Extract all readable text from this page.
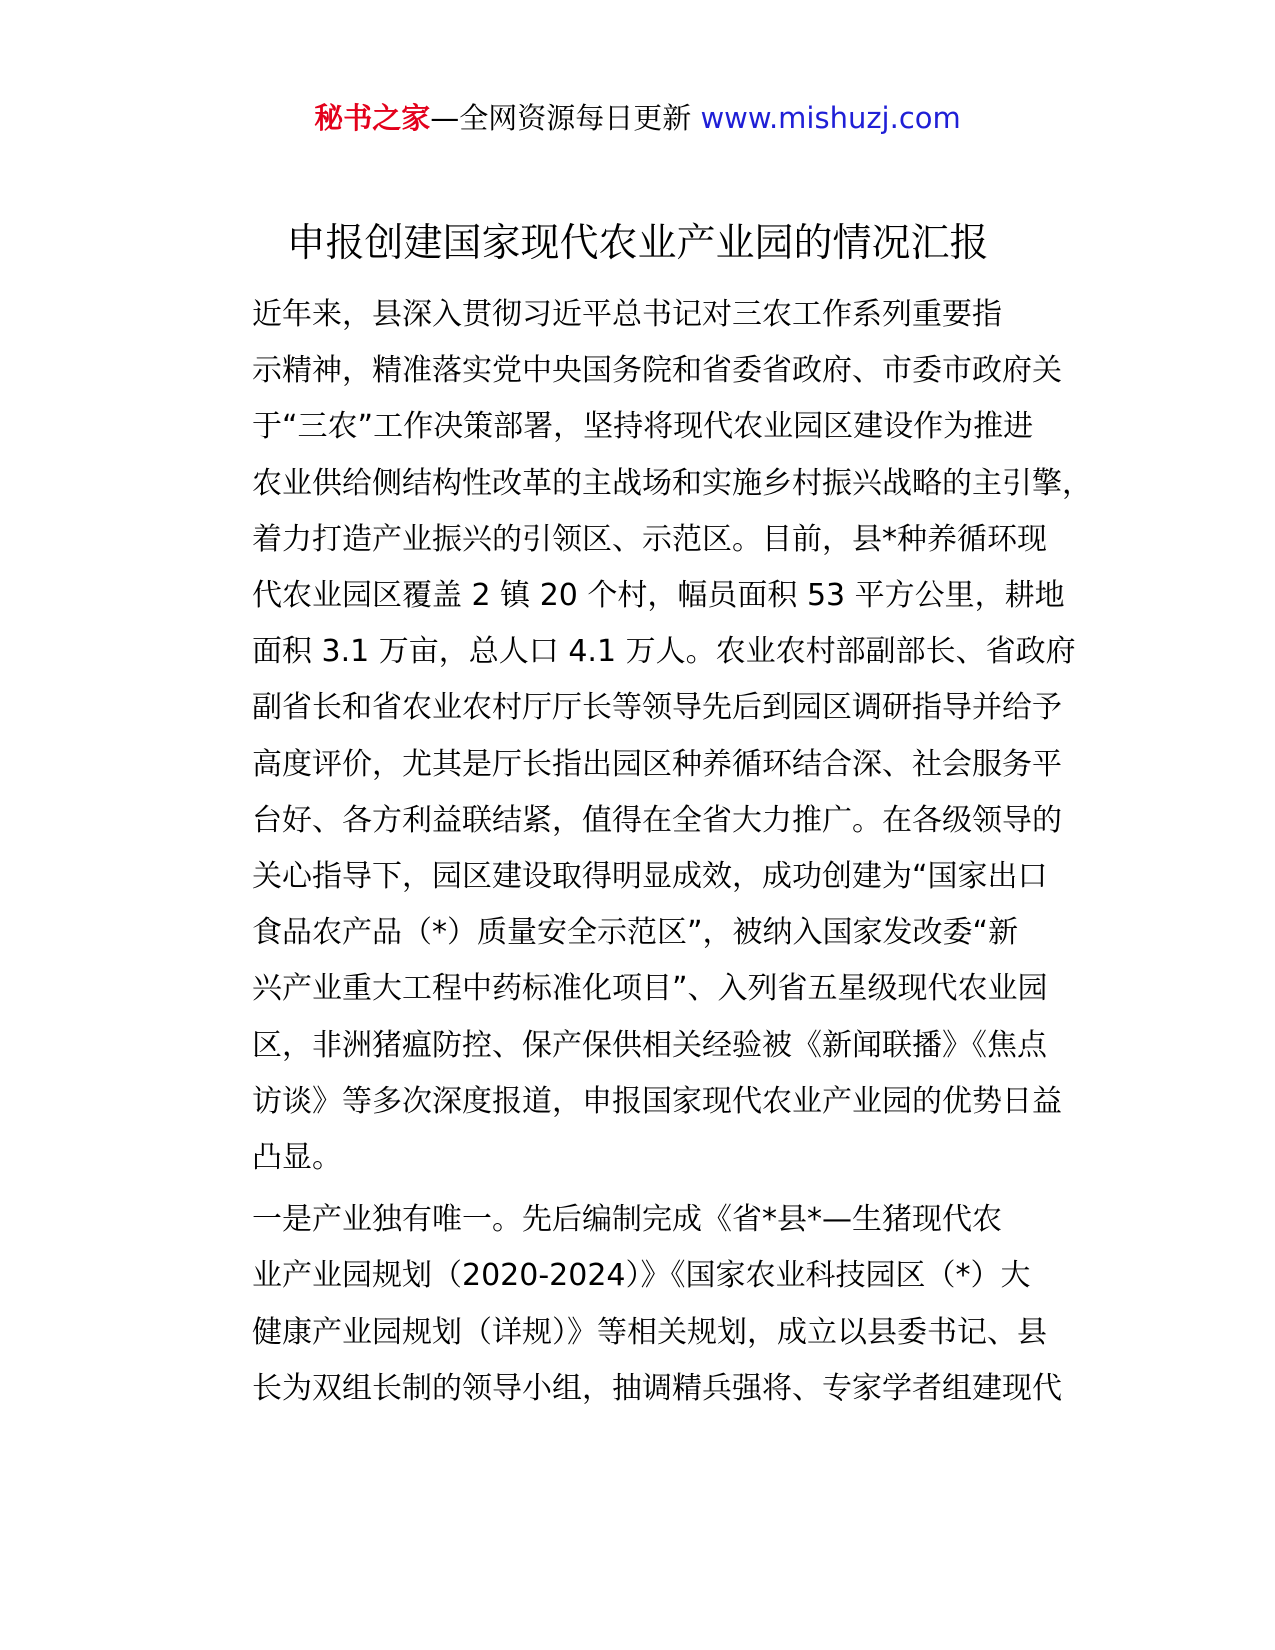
秘书之家—全网资源每日更新 www.mishuzj.com
申报创建国家现代农业产业园的情况汇报
近年来，县深入贯彻习近平总书记对三农工作系列重要指
示精神，精准落实党中央国务院和省委省政府、市委市政府关
于“三农”工作决策部署，坚持将现代农业园区建设作为推进
农业供给侧结构性改革的主战场和实施乡村振兴战略的主引擎，
着力打造产业振兴的引领区、示范区。目前，县*种养循环现
代农业园区覆盖 2 镇 20 个村，幅员面积 53 平方公里，耕地
面积 3.1 万亩，总人口 4.1 万人。农业农村部副部长、省政府
副省长和省农业农村厅厅长等领导先后到园区调研指导并给予
高度评价，尤其是厅长指出园区种养循环结合深、社会服务平
台好、各方利益联结紧，值得在全省大力推广。在各级领导的
关心指导下，园区建设取得明显成效，成功创建为“国家出口
食品农产品（*）质量安全示范区”，被纳入国家发改委“新
兴产业重大工程中药标准化项目”、入列省五星级现代农业园
区，非洲猪瘟防控、保产保供相关经验被《新闻联播》《焦点
访谈》等多次深度报道，申报国家现代农业产业园的优势日益
凸显。
一是产业独有唯一。先后编制完成《省*县*—生猪现代农
业产业园规划（2020-2024）》《国家农业科技园区（*）大
健康产业园规划（详规）》等相关规划，成立以县委书记、县
长为双组长制的领导小组，抽调精兵强将、专家学者组建现代
